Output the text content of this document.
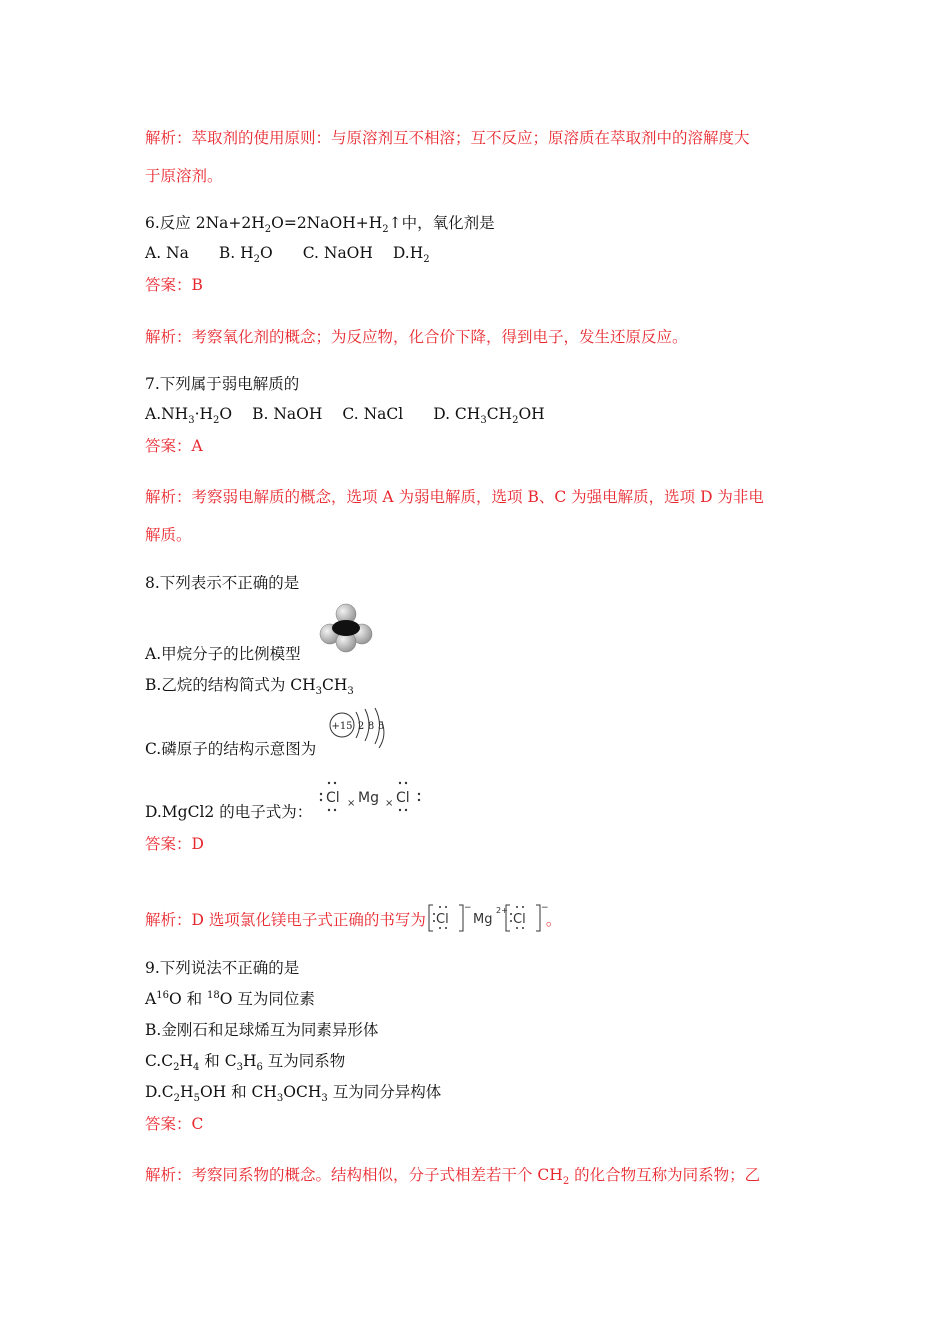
解析：萃取剂的使用原则：与原溶剂互不相溶；互不反应；原溶质在萃取剂中的溶解度大
于原溶剂。
6.反应 $2Na+2H_2O=2NaOH+H_2↑$中，氧化剂是
A. Na B. $H_2O$ C. NaOH $D.H_2$
答案：B
解析：考察氧化剂的概念；为反应物，化合价下降，得到电子，发生还原反应。
7.下列属于弱电解质的
$A.NH_3\cdot H_2O$ B. NaOH C. NaCl D. $CH_3CH_2OH$
答案：A
解析：考察弱电解质的概念，选项 A 为弱电解质，选项 B、C 为强电解质，选项 D 为非电
解质。
8.下列表示不正确的是
A.甲烷分子的比例模型
B.乙烷的结构简式为 $CH_3CH_3$
+15 2 8 5
C.磷原子的结构示意图为
Cl × Mg × Cl
D.MgCl2 的电子式为：
答案：D
解析：D 选项氯化镁电子式正确的书写为 Cl
−
Mg
2+
Cl
−
。
9.下列说法不正确的是
$A^{16}O$ 和 $^{18}$O 互为同位素
B.金刚石和足球烯互为同素异形体
$C.C_2H_4$ 和 $C_3H_6$ 互为同系物
$D.C_2H_5OH$ 和 $CH_3OCH_3$ 互为同分异构体
答案：C
解析：考察同系物的概念。结构相似，分子式相差若干个 $CH_2$ 的化合物互称为同系物；乙
